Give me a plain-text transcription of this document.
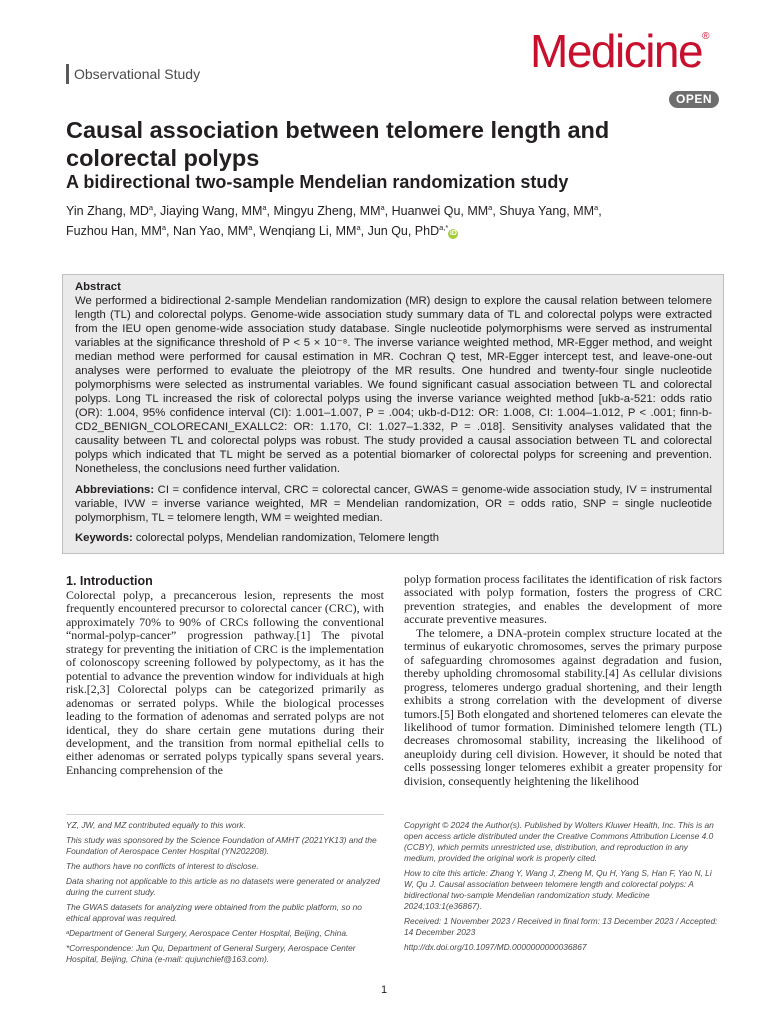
Observational Study	Medicine®
OPEN
Causal association between telomere length and colorectal polyps
A bidirectional two-sample Mendelian randomization study
Yin Zhang, $MD^a$, Jiaying Wang, $MM^a$, Mingyu Zheng, $MM^a$, Huanwei Qu, $MM^a$, Shuya Yang, $MM^a$,
Fuzhou Han, $MM^a$, Nan Yao, $MM^a$, Wenqiang Li, $MM^a$, Jun Qu, PhD$^{a,*}$iD
Abstract
We performed a bidirectional 2-sample Mendelian randomization (MR) design to explore the causal relation between telomere length (TL) and colorectal polyps. Genome-wide association study summary data of TL and colorectal polyps were extracted from the IEU open genome-wide association study database. Single nucleotide polymorphisms were served as instrumental variables at the significance threshold of P < 5 × 10⁻⁸. The inverse variance weighted method, MR-Egger method, and weight median method were performed for causal estimation in MR. Cochran Q test, MR-Egger intercept test, and leave-one-out analyses were performed to evaluate the pleiotropy of the MR results. One hundred and twenty-four single nucleotide polymorphisms were selected as instrumental variables. We found significant casual association between TL and colorectal polyps. Long TL increased the risk of colorectal polyps using the inverse variance weighted method [ukb-a-521: odds ratio (OR): 1.004, 95% confidence interval (CI): 1.001–1.007, P = .004; ukb-d-D12: OR: 1.008, CI: 1.004–1.012, P < .001; finn-b-CD2_BENIGN_COLORECANI_EXALLC2: OR: 1.170, CI: 1.027–1.332, P = .018]. Sensitivity analyses validated that the causality between TL and colorectal polyps was robust. The study provided a causal association between TL and colorectal polyps which indicated that TL might be served as a potential biomarker of colorectal polyps for screening and prevention. Nonetheless, the conclusions need further validation.
Abbreviations: CI = confidence interval, CRC = colorectal cancer, GWAS = genome-wide association study, IV = instrumental variable, IVW = inverse variance weighted, MR = Mendelian randomization, OR = odds ratio, SNP = single nucleotide polymorphism, TL = telomere length, WM = weighted median.
Keywords: colorectal polyps, Mendelian randomization, Telomere length
1. Introduction

Colorectal polyp, a precancerous lesion, represents the most frequently encountered precursor to colorectal cancer (CRC), with approximately 70% to 90% of CRCs following the conventional “normal-polyp-cancer” progression pathway.[1] The pivotal strategy for preventing the initiation of CRC is the implementation of colonoscopy screening followed by polypectomy, as it has the potential to advance the prevention window for individuals at high risk.[2,3] Colorectal polyps can be categorized primarily as adenomas or serrated polyps. While the biological processes leading to the formation of adenomas and serrated polyps are not identical, they do share certain gene mutations during their development, and the transition from normal epithelial cells to either adenomas or serrated polyps typically spans several years. Enhancing comprehension of the

polyp formation process facilitates the identification of risk factors associated with polyp formation, fosters the progress of CRC prevention strategies, and enables the development of more accurate preventive measures.

The telomere, a DNA-protein complex structure located at the terminus of eukaryotic chromosomes, serves the primary purpose of safeguarding chromosomes against degradation and fusion, thereby upholding chromosomal stability.[4] As cellular divisions progress, telomeres undergo gradual shortening, and their length exhibits a strong correlation with the development of diverse tumors.[5] Both elongated and shortened telomeres can elevate the likelihood of tumor formation. Diminished telomere length (TL) decreases chromosomal stability, increasing the likelihood of aneuploidy during cell division. However, it should be noted that cells possessing longer telomeres exhibit a greater propensity for division, consequently heightening the likelihood

YZ, JW, and MZ contributed equally to this work.

This study was sponsored by the Science Foundation of AMHT (2021YK13) and the Foundation of Aerospace Center Hospital (YN202208).

The authors have no conflicts of interest to disclose.

Data sharing not applicable to this article as no datasets were generated or analyzed during the current study.

The GWAS datasets for analyzing were obtained from the public platform, so no ethical approval was required.

ᵃDepartment of General Surgery, Aerospace Center Hospital, Beijing, China.

*Correspondence: Jun Qu, Department of General Surgery, Aerospace Center Hospital, Beijing, China (e-mail: qujunchief@163.com).

Copyright © 2024 the Author(s). Published by Wolters Kluwer Health, Inc. This is an open access article distributed under the Creative Commons Attribution License 4.0 (CCBY), which permits unrestricted use, distribution, and reproduction in any medium, provided the original work is properly cited.

How to cite this article: Zhang Y, Wang J, Zheng M, Qu H, Yang S, Han F, Yao N, Li W, Qu J. Causal association between telomere length and colorectal polyps: A bidirectional two-sample Mendelian randomization study. Medicine 2024;103:1(e36867).

Received: 1 November 2023 / Received in final form: 13 December 2023 / Accepted: 14 December 2023

http://dx.doi.org/10.1097/MD.0000000000036867

1
